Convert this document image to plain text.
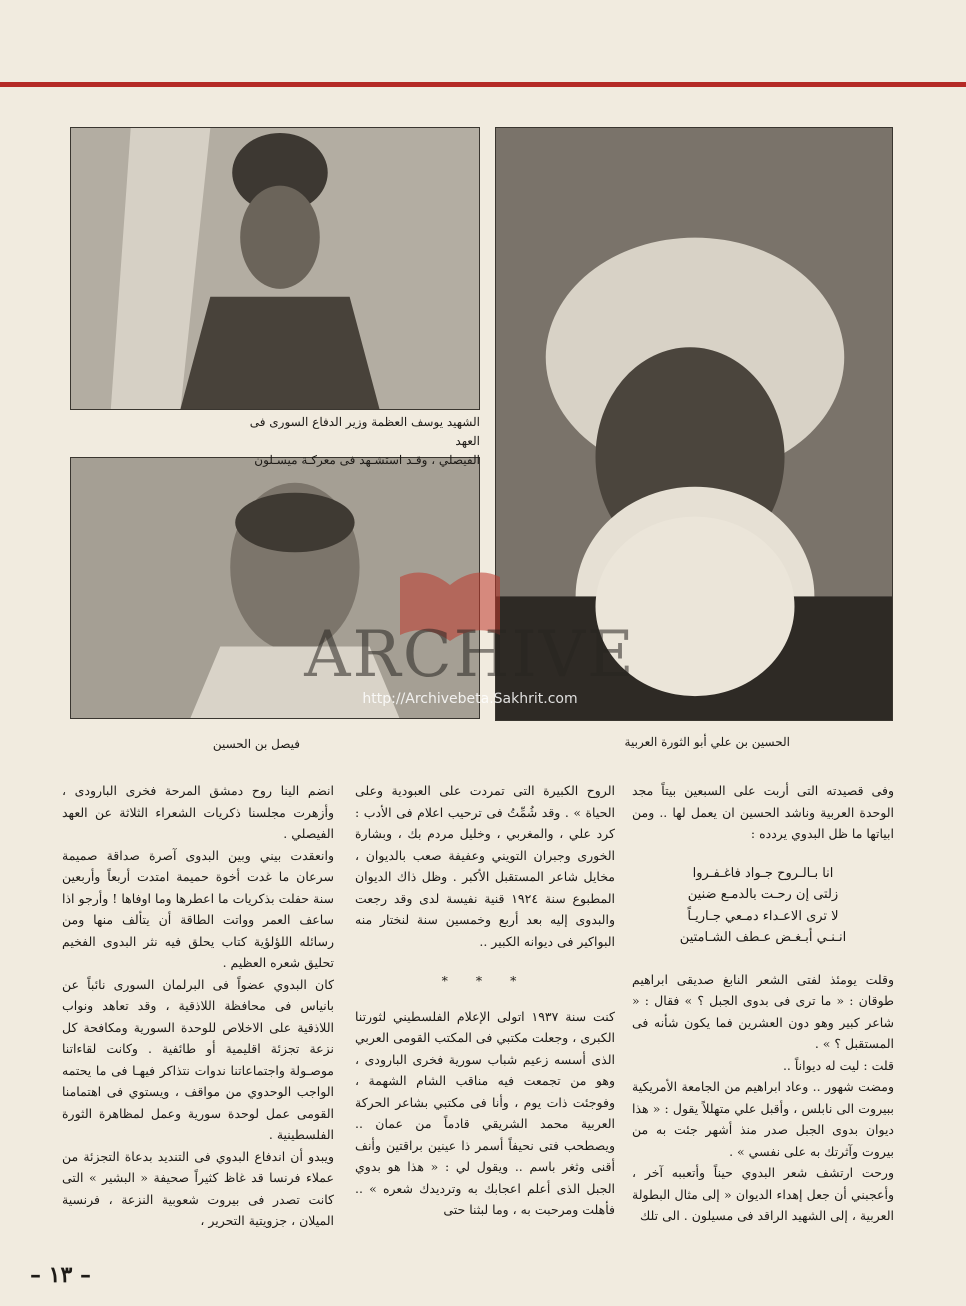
الشهيد يوسف العظمة وزير الدفاع السورى فى العهد
الفيصلي ، وقـد استشـهد فى معركـة ميسـلون
فيصل بن الحسين	الحسين بن علي أبو الثورة العربية
ARCHIVE
http://Archivebeta.Sakhrit.com

وفى قصيدته التى أربت على السبعين بيتاً مجد الوحدة العربية وناشد الحسين ان يعمل لها .. ومن ابياتها ما ظل البدوي يردده :

انا بـالـروح جـواد فاغـفـروا
زلتى إن رحـت بالدمـع ضنين
لا ترى الاعـداء دمـعي جـاريـاً
انـنـي أبـغـض عـطف الشـامتين

وقلت يومئذ لفتى الشعر النابغ صديقى ابراهيم طوقان : « ما ترى فى بدوى الجبل ؟ » فقال : « شاعر كبير وهو دون العشرين فما يكون شأنه فى المستقبل ؟ » .

قلت : ليت له ديواناً ..

ومضت شهور .. وعاد ابراهيم من الجامعة الأمريكية ببيروت الى نابلس ، وأقبل علي متهللاً يقول : « هذا ديوان بدوى الجبل صدر منذ أشهر جئت به من بيروت وآثرتك به على نفسي » .

ورحت ارتشف شعر البدوي حيناً وأتعببه آخر ، وأعجبني أن جعل إهداء الديوان « إلى مثال البطولة العربية ، إلى الشهيد الراقد فى مسيلون . الى تلك

الروح الكبيرة التى تمردت على العبودية وعلى الحياة » . وقد شُمِّتُ فى ترحيب اعلام فى الأدب : كرد علي ، والمغربي ، وخليل مردم بك ، وبشارة الخورى وجبران التويني وعفيفة صعب بالديوان ، مخايل شاعر المستقبل الأكبر . وظل ذاك الديوان المطبوع سنة ١٩٢٤ قنية نفيسة لدى وقد رجعت والبدوى إليه بعد أربع وخمسين سنة لنختار منه البواكير فى ديوانه الكبير ..

* * *

كنت سنة ١٩٣٧ اتولى الإعلام الفلسطيني لثورتنا الكبرى ، وجعلت مكتبي فى المكتب القومى العربي الذى أسسه زعيم شباب سورية فخرى البارودى ، وهو من تجمعت فيه مناقب الشام الشهمة ، وفوجئت ذات يوم ، وأنا فى مكتبي بشاعر الحركة العربية محمد الشريقي قادماً من عمان .. ويصطحب فتى نحيفاً أسمر ذا عينين براقتين وأنف أقنى وثغر باسم .. ويقول لي : « هذا هو بدوي الجبل الذى أعلم اعجابك به وترديدك شعره » .. فأهلت ومرحبت به ، وما لبثنا حتى

انضم الينا روح دمشق المرحة فخرى البارودى ، وأزهرت مجلسنا ذكريات الشعراء الثلاثة عن العهد الفيصلي .

وانعقدت بيني وبين البدوى آصرة صداقة صميمة سرعان ما غدت أخوة حميمة امتدت أربعاً وأربعين سنة حفلت بذكريات ما اعطرها وما اوفاها ! وأرجو اذا ساعف العمر وواتت الطاقة أن يتألف منها ومن رسائله اللؤلؤية كتاب يحلق فيه نثر البدوى الفخيم تحليق شعره العظيم .

كان البدوي عضواً فى البرلمان السورى نائباً عن بانياس فى محافظة اللاذقية ، وقد تعاهد ونواب اللاذقية على الاخلاص للوحدة السورية ومكافحة كل نزعة تجزئة اقليمية أو طائفية . وكانت لقاءاتنا موصـولة واجتماعاتنا ندوات نتذاكر فيهـا فى ما يحتمه الواجب الوحدوي من مواقف ، ويستوي فى اهتمامنا القومى عمل لوحدة سورية وعمل لمظاهرة الثورة الفلسطينية .

ويبدو أن اندفاع البدوي فى التنديد بدعاة التجزئة من عملاء فرنسا قد غاظ كثيراً صحيفة « البشير » التى كانت تصدر فى بيروت شعوبية النزعة ، فرنسية الميلان ، جزويتية التحرير ،

– ١٣ –
